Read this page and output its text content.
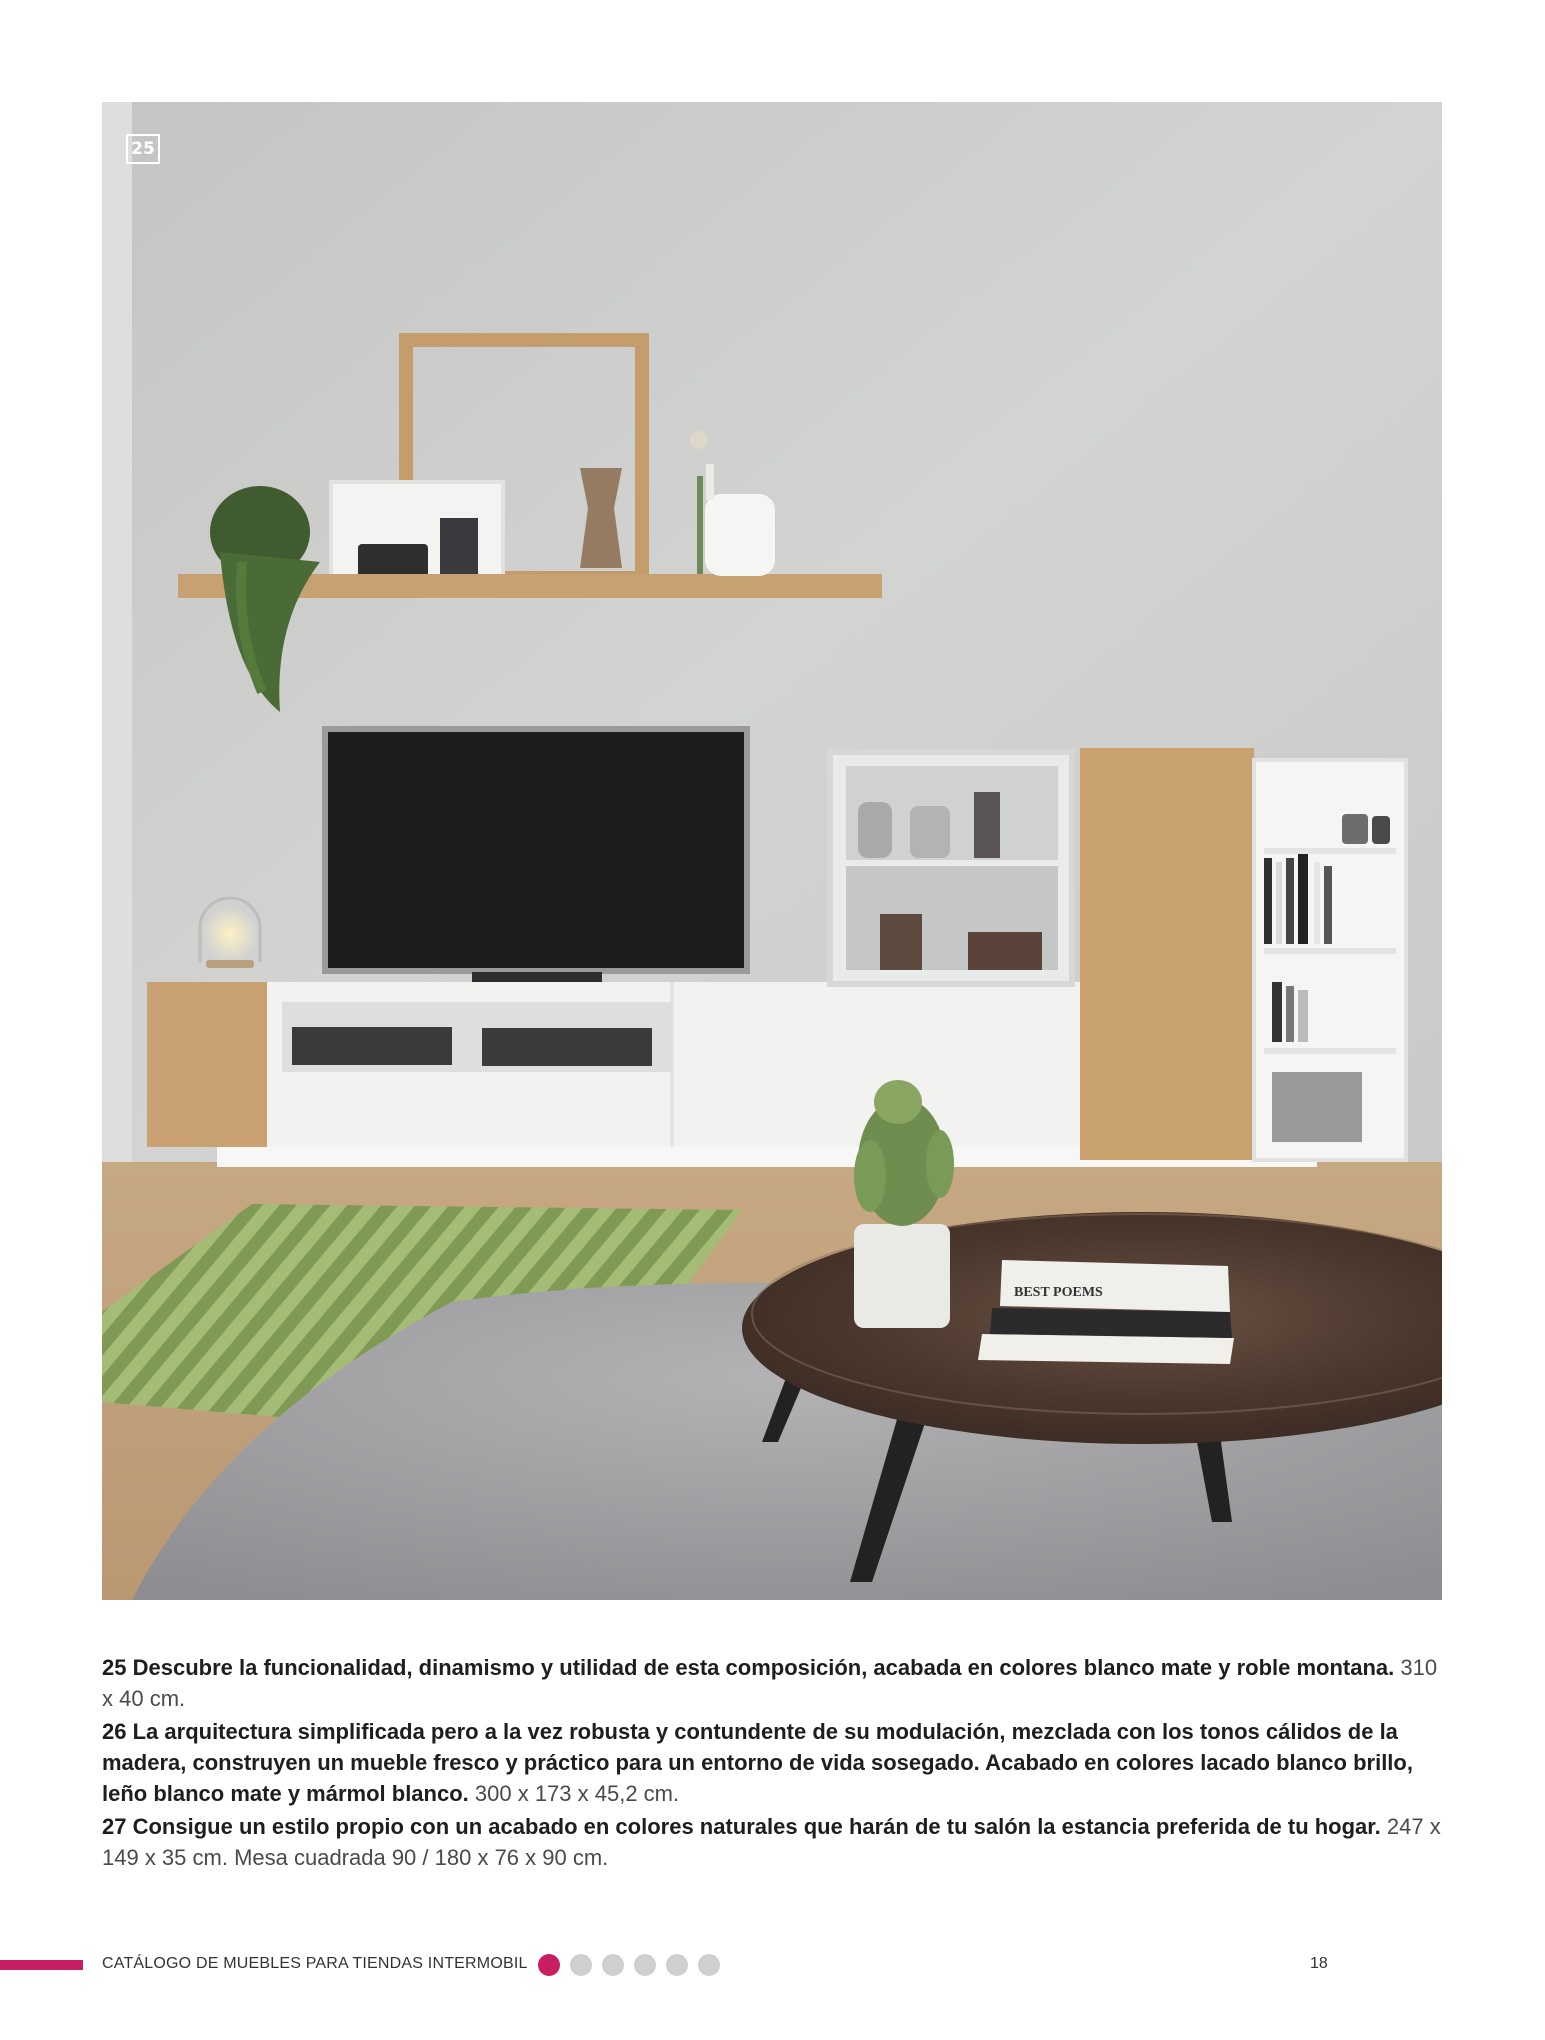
BEST POEMS
25

25 Descubre la funcionalidad, dinamismo y utilidad de esta composición, acabada en colores blanco mate y roble montana. 310 x 40 cm.

26 La arquitectura simplificada pero a la vez robusta y contundente de su modulación, mezclada con los tonos cálidos de la madera, construyen un mueble fresco y práctico para un entorno de vida sosegado. Acabado en colores lacado blanco brillo, leño blanco mate y mármol blanco. 300 x 173 x 45,2 cm.

27 Consigue un estilo propio con un acabado en colores naturales que harán de tu salón la estancia preferida de tu hogar. 247 x 149 x 35 cm. Mesa cuadrada 90 / 180 x 76 x 90 cm.

CATÁLOGO DE MUEBLES PARA TIENDAS INTERMOBIL	18
